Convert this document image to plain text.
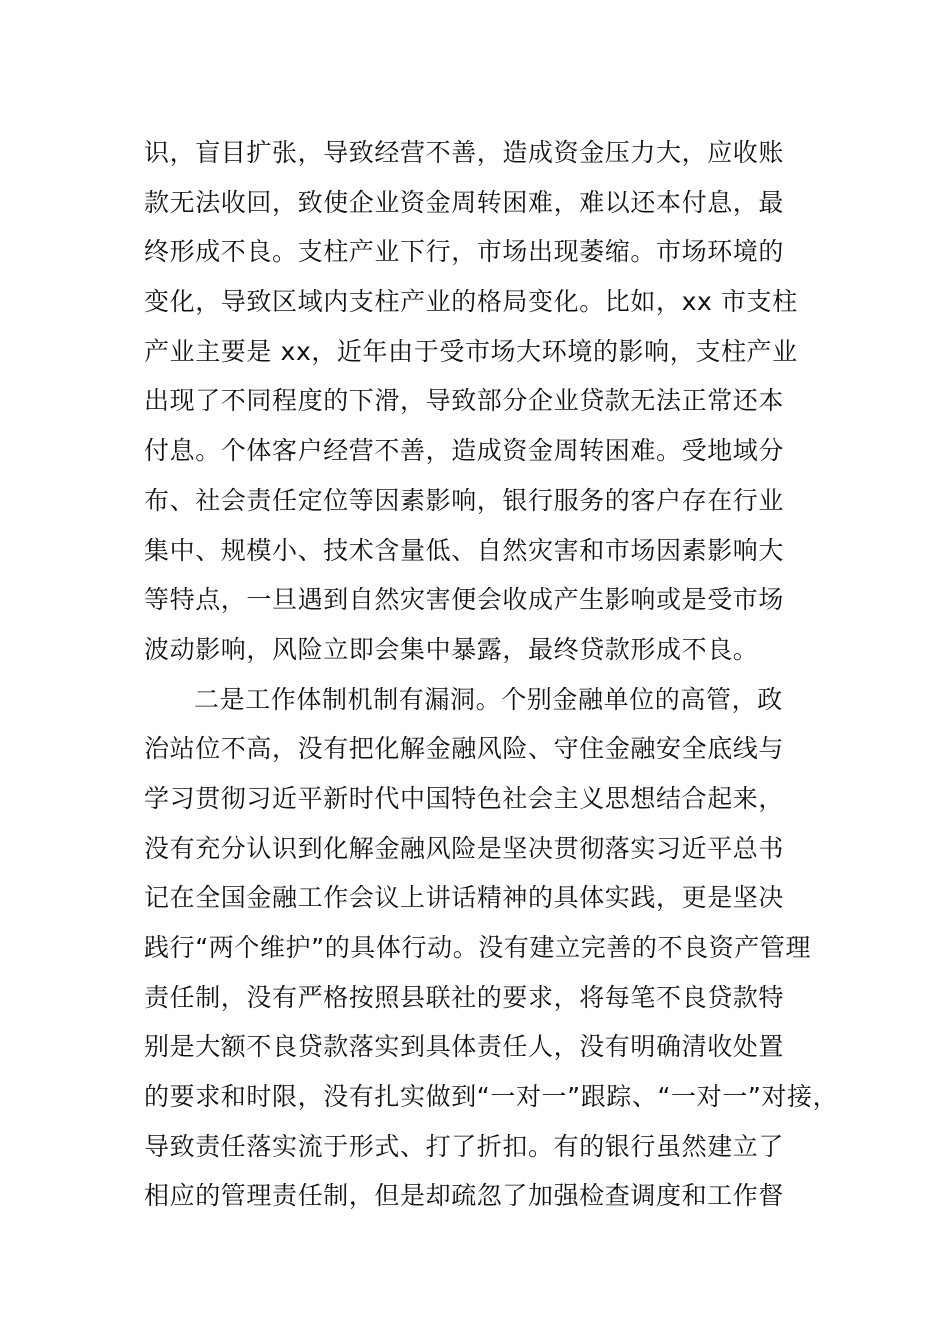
识，盲目扩张，导致经营不善，造成资金压力大，应收账
款无法收回，致使企业资金周转困难，难以还本付息，最
终形成不良。支柱产业下行，市场出现萎缩。市场环境的
变化，导致区域内支柱产业的格局变化。比如，xx 市支柱
产业主要是 xx，近年由于受市场大环境的影响，支柱产业
出现了不同程度的下滑，导致部分企业贷款无法正常还本
付息。个体客户经营不善，造成资金周转困难。受地域分
布、社会责任定位等因素影响，银行服务的客户存在行业
集中、规模小、技术含量低、自然灾害和市场因素影响大
等特点，一旦遇到自然灾害便会收成产生影响或是受市场
波动影响，风险立即会集中暴露，最终贷款形成不良。
二是工作体制机制有漏洞。个别金融单位的高管，政
治站位不高，没有把化解金融风险、守住金融安全底线与
学习贯彻习近平新时代中国特色社会主义思想结合起来，
没有充分认识到化解金融风险是坚决贯彻落实习近平总书
记在全国金融工作会议上讲话精神的具体实践，更是坚决
践行“两个维护”的具体行动。没有建立完善的不良资产管理
责任制，没有严格按照县联社的要求，将每笔不良贷款特
别是大额不良贷款落实到具体责任人，没有明确清收处置
的要求和时限，没有扎实做到“一对一”跟踪、“一对一”对接，
导致责任落实流于形式、打了折扣。有的银行虽然建立了
相应的管理责任制，但是却疏忽了加强检查调度和工作督
